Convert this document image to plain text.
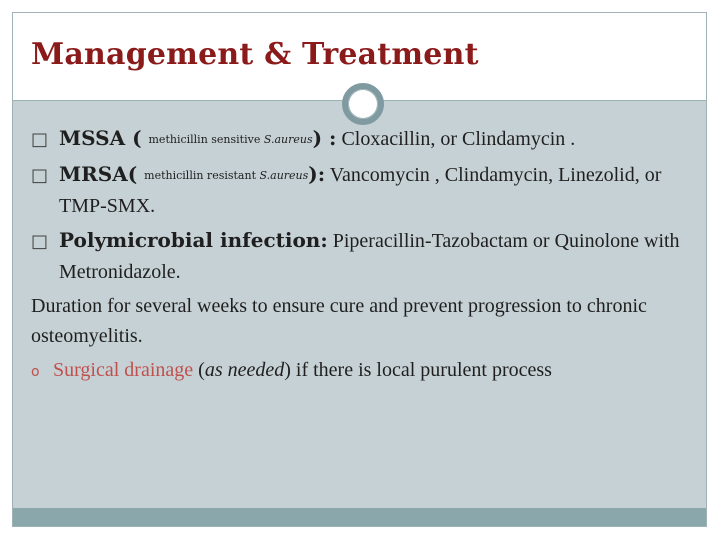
Management & Treatment
□ MSSA ( methicillin sensitive S.aureus) : Cloxacillin, or Clindamycin .
□ MRSA( methicillin resistant S.aureus): Vancomycin , Clindamycin, Linezolid, or TMP-SMX.
□ Polymicrobial infection: Piperacillin-Tazobactam or Quinolone with Metronidazole.
Duration for several weeks to ensure cure and prevent progression to chronic osteomyelitis.
o Surgical drainage (as needed) if there is local purulent process
